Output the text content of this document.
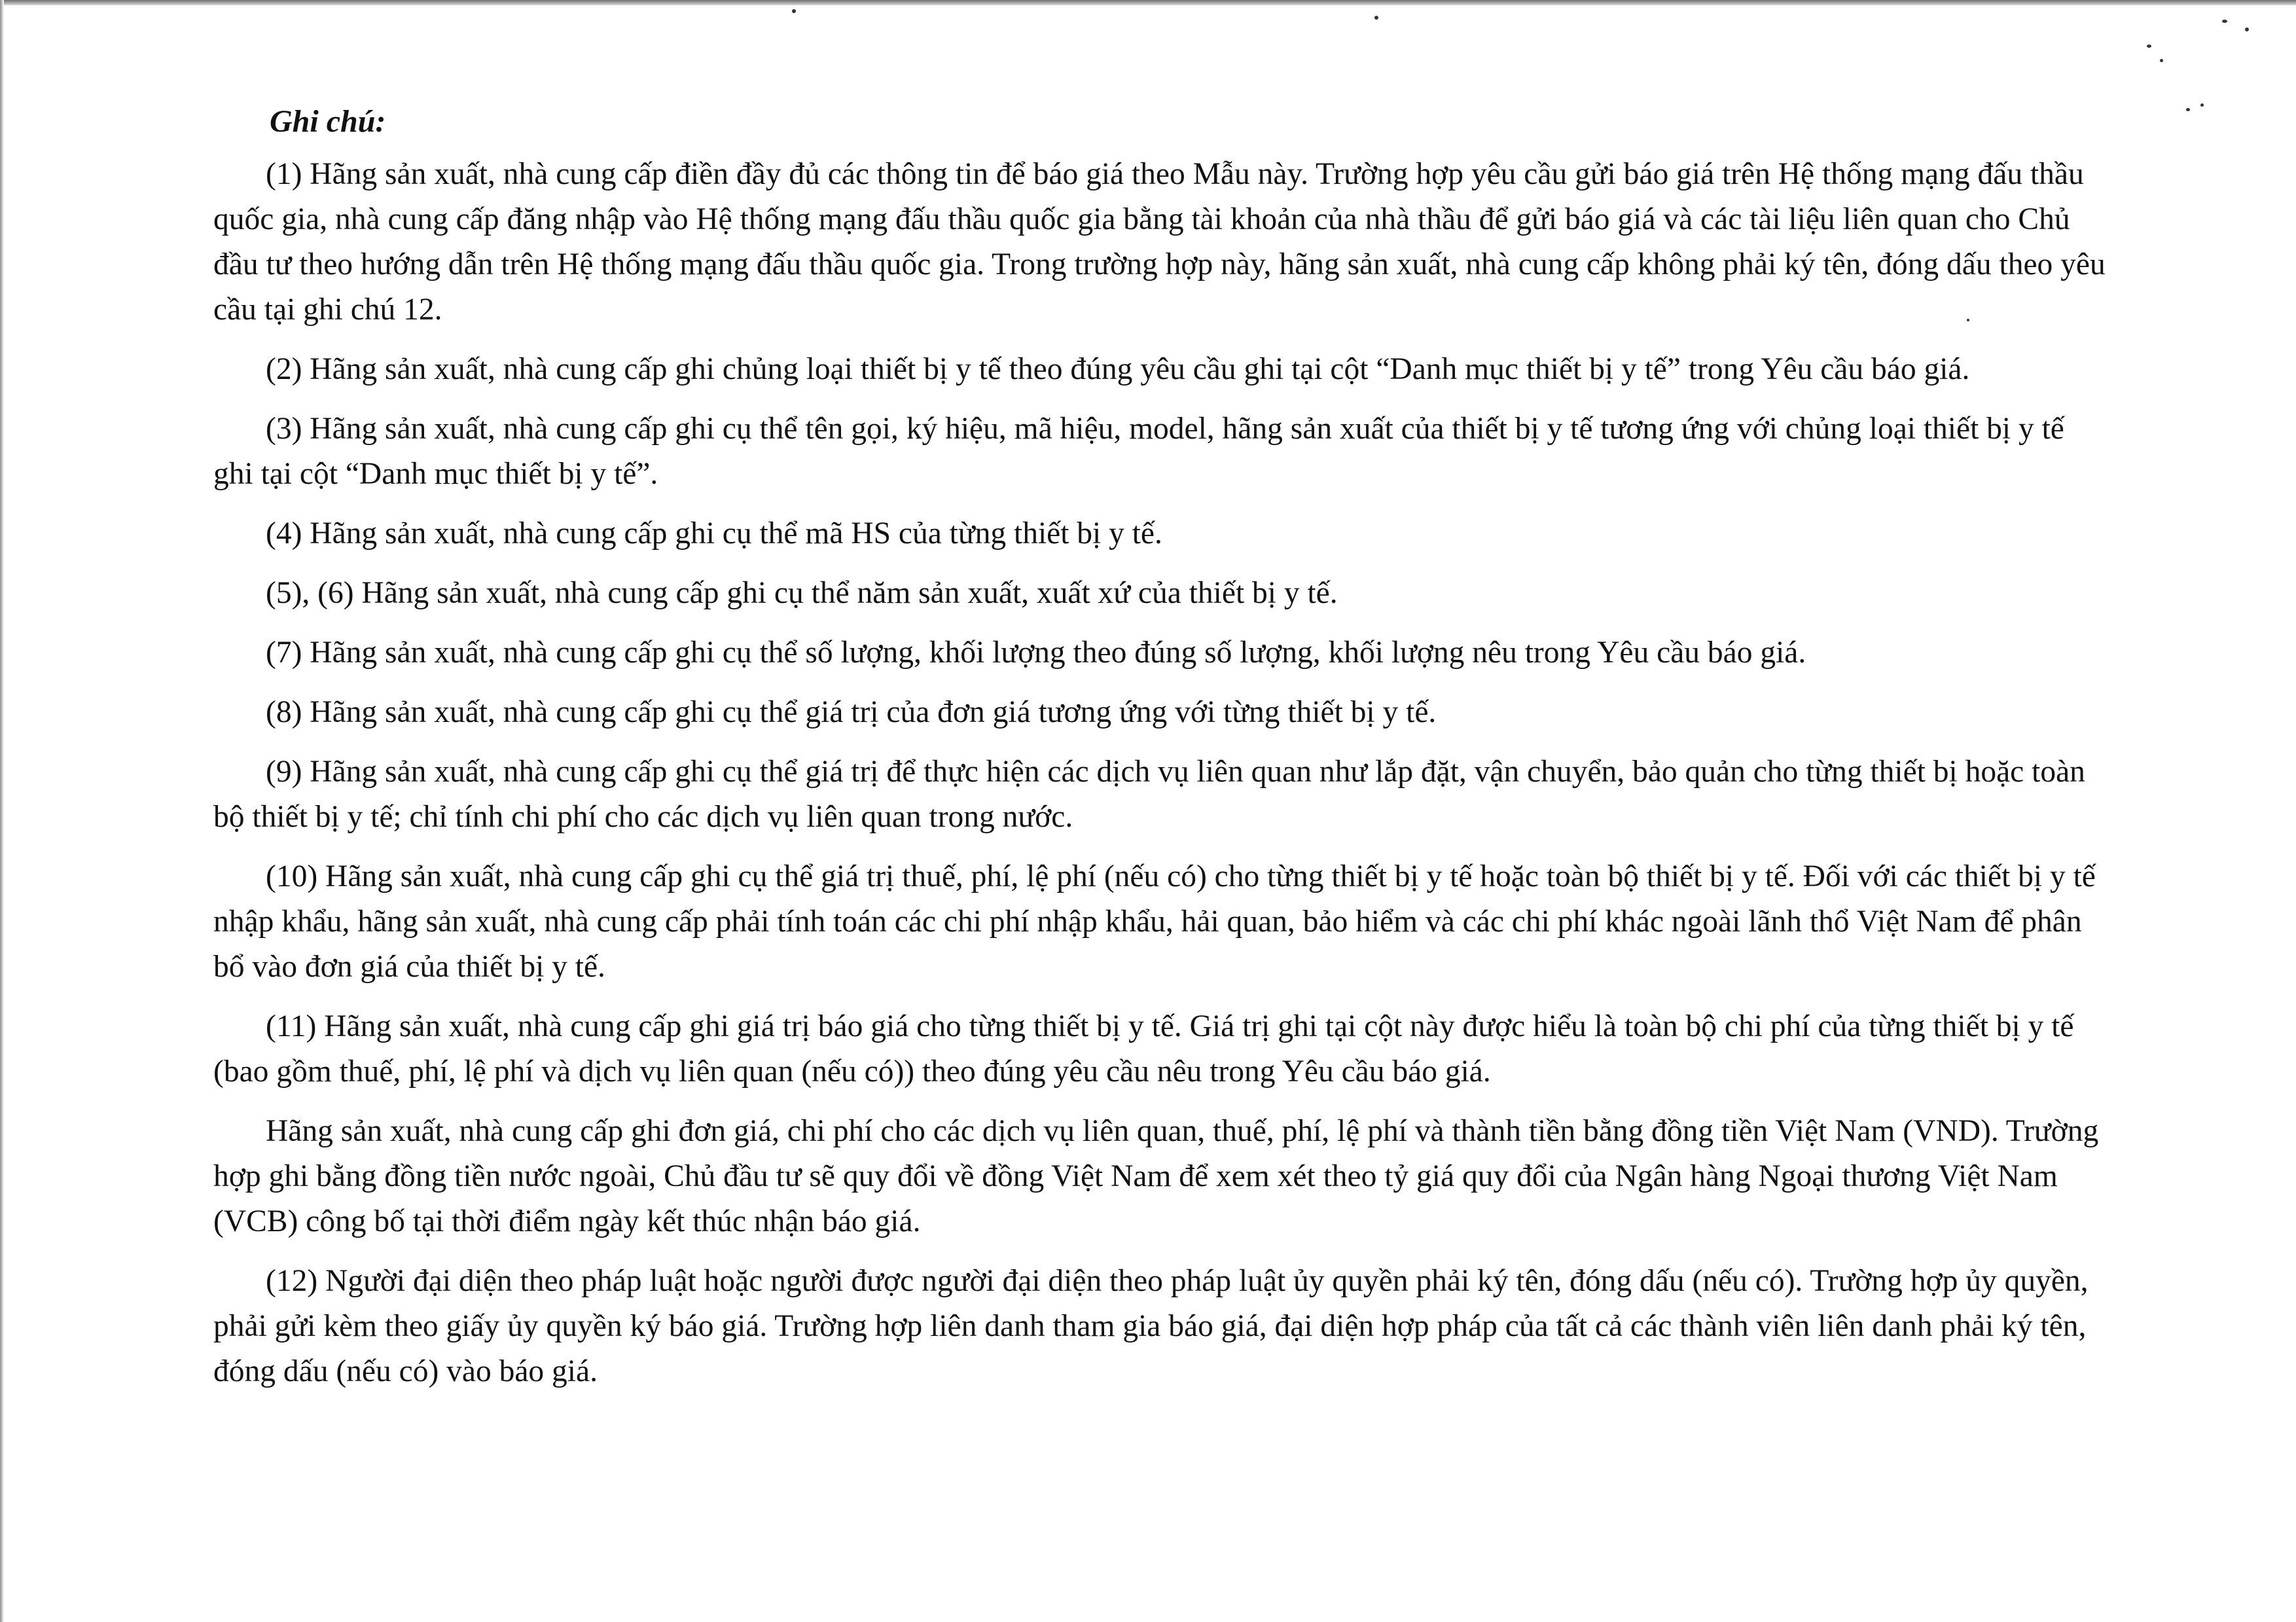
Ghi chú:

(1) Hãng sản xuất, nhà cung cấp điền đầy đủ các thông tin để báo giá theo Mẫu này. Trường hợp yêu cầu gửi báo giá trên Hệ thống mạng đấu thầu quốc gia, nhà cung cấp đăng nhập vào Hệ thống mạng đấu thầu quốc gia bằng tài khoản của nhà thầu để gửi báo giá và các tài liệu liên quan cho Chủ đầu tư theo hướng dẫn trên Hệ thống mạng đấu thầu quốc gia. Trong trường hợp này, hãng sản xuất, nhà cung cấp không phải ký tên, đóng dấu theo yêu cầu tại ghi chú 12.

(2) Hãng sản xuất, nhà cung cấp ghi chủng loại thiết bị y tế theo đúng yêu cầu ghi tại cột “Danh mục thiết bị y tế” trong Yêu cầu báo giá.

(3) Hãng sản xuất, nhà cung cấp ghi cụ thể tên gọi, ký hiệu, mã hiệu, model, hãng sản xuất của thiết bị y tế tương ứng với chủng loại thiết bị y tế ghi tại cột “Danh mục thiết bị y tế”.

(4) Hãng sản xuất, nhà cung cấp ghi cụ thể mã HS của từng thiết bị y tế.

(5), (6) Hãng sản xuất, nhà cung cấp ghi cụ thể năm sản xuất, xuất xứ của thiết bị y tế.

(7) Hãng sản xuất, nhà cung cấp ghi cụ thể số lượng, khối lượng theo đúng số lượng, khối lượng nêu trong Yêu cầu báo giá.

(8) Hãng sản xuất, nhà cung cấp ghi cụ thể giá trị của đơn giá tương ứng với từng thiết bị y tế.

(9) Hãng sản xuất, nhà cung cấp ghi cụ thể giá trị để thực hiện các dịch vụ liên quan như lắp đặt, vận chuyển, bảo quản cho từng thiết bị hoặc toàn bộ thiết bị y tế; chỉ tính chi phí cho các dịch vụ liên quan trong nước.

(10) Hãng sản xuất, nhà cung cấp ghi cụ thể giá trị thuế, phí, lệ phí (nếu có) cho từng thiết bị y tế hoặc toàn bộ thiết bị y tế. Đối với các thiết bị y tế nhập khẩu, hãng sản xuất, nhà cung cấp phải tính toán các chi phí nhập khẩu, hải quan, bảo hiểm và các chi phí khác ngoài lãnh thổ Việt Nam để phân bổ vào đơn giá của thiết bị y tế.

(11) Hãng sản xuất, nhà cung cấp ghi giá trị báo giá cho từng thiết bị y tế. Giá trị ghi tại cột này được hiểu là toàn bộ chi phí của từng thiết bị y tế (bao gồm thuế, phí, lệ phí và dịch vụ liên quan (nếu có)) theo đúng yêu cầu nêu trong Yêu cầu báo giá.

Hãng sản xuất, nhà cung cấp ghi đơn giá, chi phí cho các dịch vụ liên quan, thuế, phí, lệ phí và thành tiền bằng đồng tiền Việt Nam (VND). Trường hợp ghi bằng đồng tiền nước ngoài, Chủ đầu tư sẽ quy đổi về đồng Việt Nam để xem xét theo tỷ giá quy đổi của Ngân hàng Ngoại thương Việt Nam (VCB) công bố tại thời điểm ngày kết thúc nhận báo giá.

(12) Người đại diện theo pháp luật hoặc người được người đại diện theo pháp luật ủy quyền phải ký tên, đóng dấu (nếu có). Trường hợp ủy quyền, phải gửi kèm theo giấy ủy quyền ký báo giá. Trường hợp liên danh tham gia báo giá, đại diện hợp pháp của tất cả các thành viên liên danh phải ký tên, đóng dấu (nếu có) vào báo giá.
